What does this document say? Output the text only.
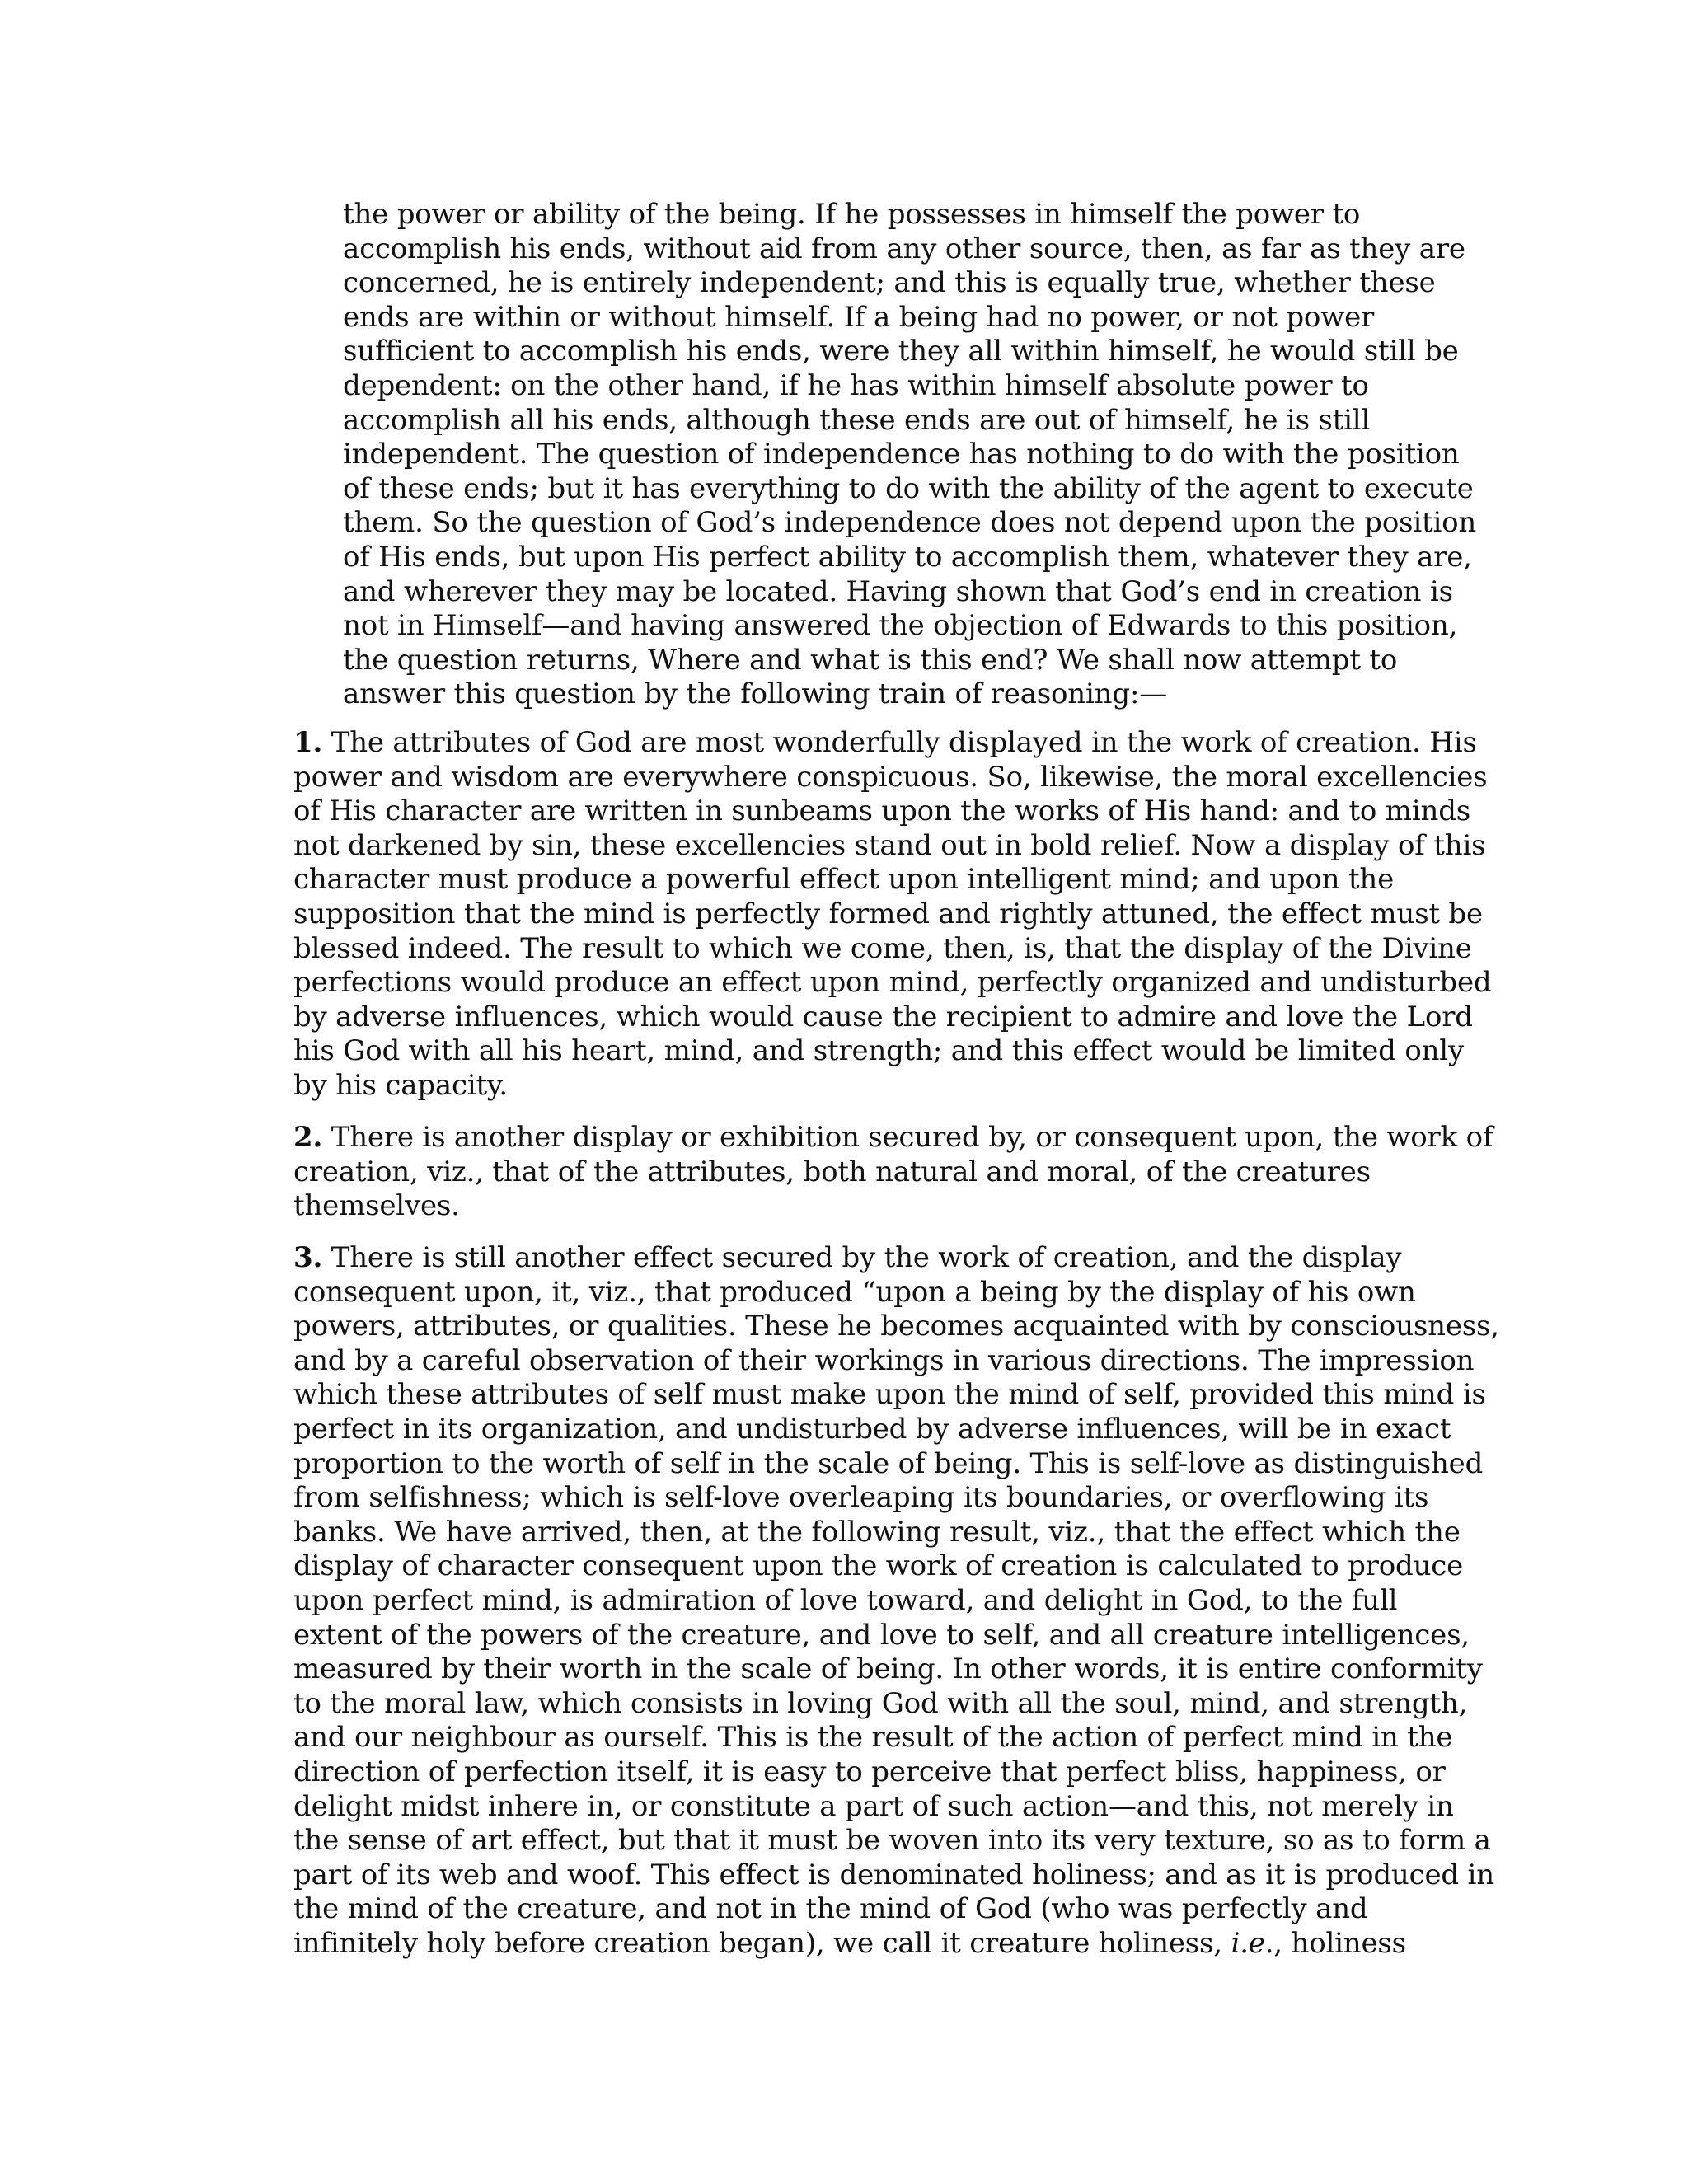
the power or ability of the being. If he possesses in himself the power to
accomplish his ends, without aid from any other source, then, as far as they are
concerned, he is entirely independent; and this is equally true, whether these
ends are within or without himself. If a being had no power, or not power
sufficient to accomplish his ends, were they all within himself, he would still be
dependent: on the other hand, if he has within himself absolute power to
accomplish all his ends, although these ends are out of himself, he is still
independent. The question of independence has nothing to do with the position
of these ends; but it has everything to do with the ability of the agent to execute
them. So the question of God’s independence does not depend upon the position
of His ends, but upon His perfect ability to accomplish them, whatever they are,
and wherever they may be located. Having shown that God’s end in creation is
not in Himself—and having answered the objection of Edwards to this position,
the question returns, Where and what is this end? We shall now attempt to
answer this question by the following train of reasoning:—
1. The attributes of God are most wonderfully displayed in the work of creation. His
power and wisdom are everywhere conspicuous. So, likewise, the moral excellencies
of His character are written in sunbeams upon the works of His hand: and to minds
not darkened by sin, these excellencies stand out in bold relief. Now a display of this
character must produce a powerful effect upon intelligent mind; and upon the
supposition that the mind is perfectly formed and rightly attuned, the effect must be
blessed indeed. The result to which we come, then, is, that the display of the Divine
perfections would produce an effect upon mind, perfectly organized and undisturbed
by adverse influences, which would cause the recipient to admire and love the Lord
his God with all his heart, mind, and strength; and this effect would be limited only
by his capacity.
2. There is another display or exhibition secured by, or consequent upon, the work of
creation, viz., that of the attributes, both natural and moral, of the creatures
themselves.
3. There is still another effect secured by the work of creation, and the display
consequent upon, it, viz., that produced “upon a being by the display of his own
powers, attributes, or qualities. These he becomes acquainted with by consciousness,
and by a careful observation of their workings in various directions. The impression
which these attributes of self must make upon the mind of self, provided this mind is
perfect in its organization, and undisturbed by adverse influences, will be in exact
proportion to the worth of self in the scale of being. This is self-love as distinguished
from selfishness; which is self-love overleaping its boundaries, or overflowing its
banks. We have arrived, then, at the following result, viz., that the effect which the
display of character consequent upon the work of creation is calculated to produce
upon perfect mind, is admiration of love toward, and delight in God, to the full
extent of the powers of the creature, and love to self, and all creature intelligences,
measured by their worth in the scale of being. In other words, it is entire conformity
to the moral law, which consists in loving God with all the soul, mind, and strength,
and our neighbour as ourself. This is the result of the action of perfect mind in the
direction of perfection itself, it is easy to perceive that perfect bliss, happiness, or
delight midst inhere in, or constitute a part of such action—and this, not merely in
the sense of art effect, but that it must be woven into its very texture, so as to form a
part of its web and woof. This effect is denominated holiness; and as it is produced in
the mind of the creature, and not in the mind of God (who was perfectly and
infinitely holy before creation began), we call it creature holiness, i.e., holiness
